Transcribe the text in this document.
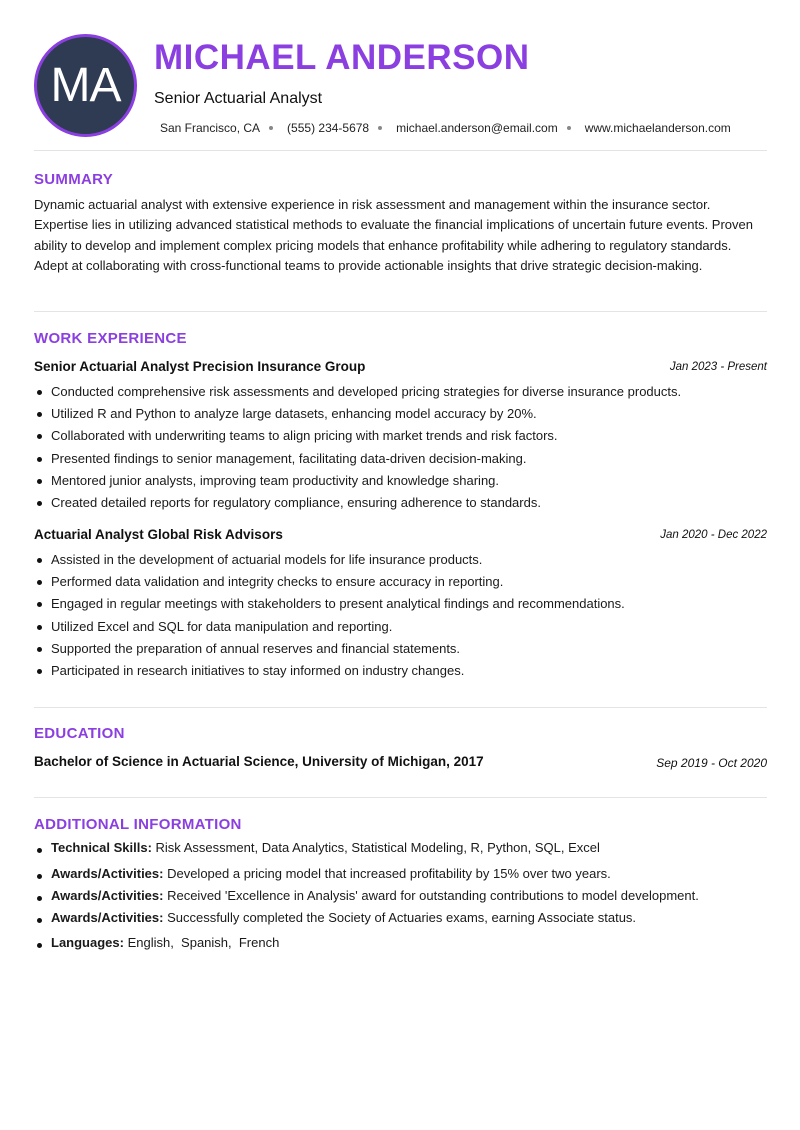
MA
MICHAEL ANDERSON
Senior Actuarial Analyst
San Francisco, CA (555) 234-5678 michael.anderson@email.com www.michaelanderson.com
SUMMARY
Dynamic actuarial analyst with extensive experience in risk assessment and management within the insurance sector. Expertise lies in utilizing advanced statistical methods to evaluate the financial implications of uncertain future events. Proven ability to develop and implement complex pricing models that enhance profitability while adhering to regulatory standards. Adept at collaborating with cross-functional teams to provide actionable insights that drive strategic decision-making.
WORK EXPERIENCE
Senior Actuarial Analyst Precision Insurance Group	Jan 2023 - Present
Conducted comprehensive risk assessments and developed pricing strategies for diverse insurance products.
Utilized R and Python to analyze large datasets, enhancing model accuracy by 20%.
Collaborated with underwriting teams to align pricing with market trends and risk factors.
Presented findings to senior management, facilitating data-driven decision-making.
Mentored junior analysts, improving team productivity and knowledge sharing.
Created detailed reports for regulatory compliance, ensuring adherence to standards.
Actuarial Analyst Global Risk Advisors	Jan 2020 - Dec 2022
Assisted in the development of actuarial models for life insurance products.
Performed data validation and integrity checks to ensure accuracy in reporting.
Engaged in regular meetings with stakeholders to present analytical findings and recommendations.
Utilized Excel and SQL for data manipulation and reporting.
Supported the preparation of annual reserves and financial statements.
Participated in research initiatives to stay informed on industry changes.
EDUCATION
Bachelor of Science in Actuarial Science, University of Michigan, 2017	Sep 2019 - Oct 2020
ADDITIONAL INFORMATION
Technical Skills: Risk Assessment, Data Analytics, Statistical Modeling, R, Python, SQL, Excel
Awards/Activities: Developed a pricing model that increased profitability by 15% over two years.
Awards/Activities: Received 'Excellence in Analysis' award for outstanding contributions to model development.
Awards/Activities: Successfully completed the Society of Actuaries exams, earning Associate status.
Languages: English,  Spanish,  French
